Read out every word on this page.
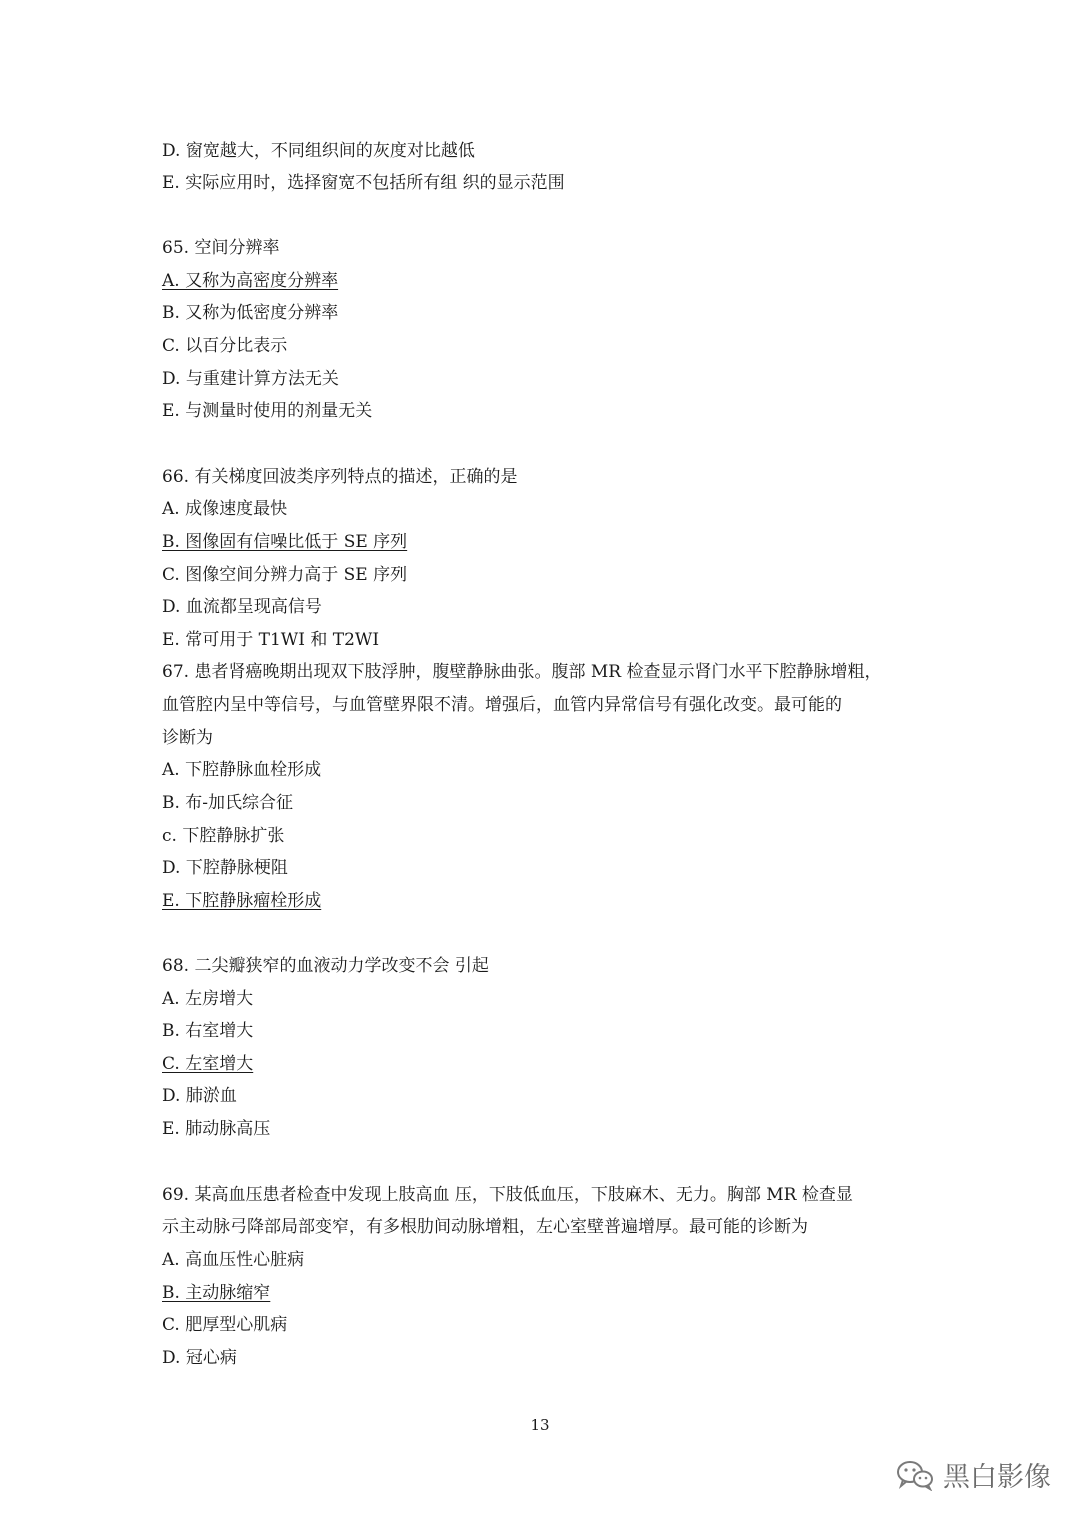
D. 窗宽越大，不同组织间的灰度对比越低
E. 实际应用时，选择窗宽不包括所有组 织的显示范围
65. 空间分辨率
A. 又称为高密度分辨率
B. 又称为低密度分辨率
C. 以百分比表示
D. 与重建计算方法无关
E. 与测量时使用的剂量无关
66. 有关梯度回波类序列特点的描述，正确的是
A. 成像速度最快
B. 图像固有信噪比低于 SE 序列
C. 图像空间分辨力高于 SE 序列
D. 血流都呈现高信号
E. 常可用于 T1WI 和 T2WI
67. 患者肾癌晚期出现双下肢浮肿，腹壁静脉曲张。腹部 MR 检查显示肾门水平下腔静脉增粗，
血管腔内呈中等信号，与血管壁界限不清。增强后，血管内异常信号有强化改变。最可能的
诊断为
A. 下腔静脉血栓形成
B. 布-加氏综合征
c. 下腔静脉扩张
D. 下腔静脉梗阻
E. 下腔静脉瘤栓形成
68. 二尖瓣狭窄的血液动力学改变不会 引起
A. 左房增大
B. 右室增大
C. 左室增大
D. 肺淤血
E. 肺动脉高压
69. 某高血压患者检查中发现上肢高血 压，下肢低血压，下肢麻木、无力。胸部 MR 检查显
示主动脉弓降部局部变窄，有多根肋间动脉增粗，左心室壁普遍增厚。最可能的诊断为
A. 高血压性心脏病
B. 主动脉缩窄
C. 肥厚型心肌病
D. 冠心病
13
黑白影像
